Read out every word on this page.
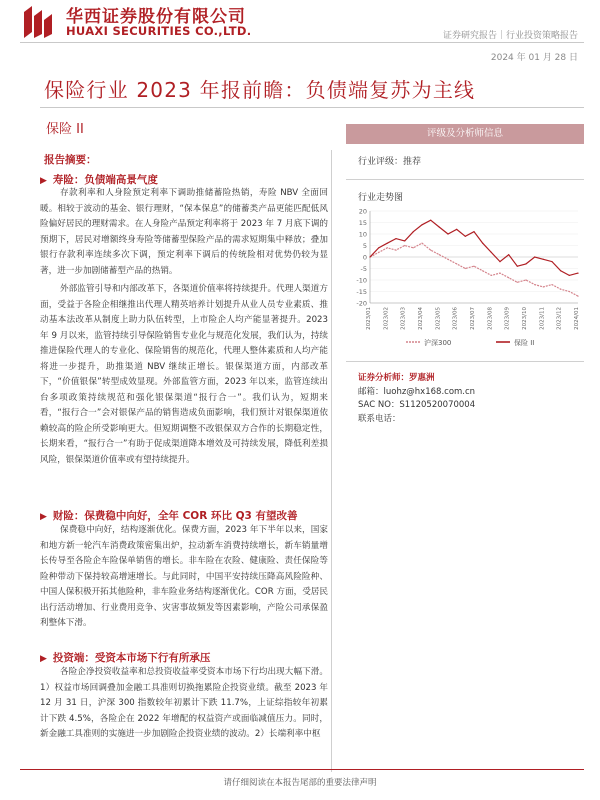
华西证券股份有限公司
HUAXI SECURITIES CO.,LTD.	证券研究报告｜行业投资策略报告
2024 年 01 月 28 日
保险行业 2023 年报前瞻：负债端复苏为主线
保险 II
报告摘要：
▶ 寿险：负债端高景气度
存款利率和人身险预定利率下调助推储蓄险热销，寿险 NBV 全面回暖。相较于波动的基金、银行理财，“保本保息”的储蓄类产品更能匹配低风险偏好居民的理财需求。在人身险产品预定利率将于 2023 年 7 月底下调的预期下，居民对增额终身寿险等储蓄型保险产品的需求短期集中释放；叠加银行存款利率连续多次下调，预定利率下调后的传统险相对优势仍较为显著，进一步加剧储蓄型产品的热销。
外部监管引导和内部改革下，各渠道价值率将持续提升。代理人渠道方面，受益于各险企相继推出代理人精英培养计划提升从业人员专业素质、推动基本法改革从制度上助力队伍转型，上市险企人均产能显著提升。2023 年 9 月以来，监管持续引导保险销售专业化与规范化发展，我们认为，持续推进保险代理人的专业化、保险销售的规范化，代理人整体素质和人均产能将进一步提升，助推渠道 NBV 继续正增长。银保渠道方面，内部改革下，“价值银保”转型成效显现。外部监管方面，2023 年以来，监管连续出台多项政策持续规范和强化银保渠道“报行合一”。我们认为，短期来看，“报行合一”会对银保产品的销售造成负面影响，我们预计对银保渠道依赖较高的险企所受影响更大。但短期调整不改银保双方合作的长期稳定性，长期来看，“报行合一”有助于促成渠道降本增效及可持续发展，降低利差损风险，银保渠道价值率或有望持续提升。
▶ 财险：保费稳中向好，全年 COR 环比 Q3 有望改善
保费稳中向好，结构逐渐优化。保费方面，2023 年下半年以来，国家和地方新一轮汽车消费政策密集出炉，拉动新车消费持续增长，新车销量增长传导至各险企车险保单销售的增长。非车险在农险、健康险、责任保险等险种带动下保持较高增速增长。与此同时，中国平安持续压降高风险险种、中国人保积极开拓其他险种，非车险业务结构逐渐优化。COR 方面，受居民出行活动增加、行业费用竞争、灾害事故频发等因素影响，产险公司承保盈利整体下滑。
▶ 投资端：受资本市场下行有所承压
各险企净投资收益率和总投资收益率受资本市场下行均出现大幅下滑。1）权益市场回调叠加金融工具准则切换拖累险企投资业绩。截至 2023 年 12 月 31 日，沪深 300 指数较年初累计下跌 11.7%，上证综指较年初累计下跌 4.5%，各险企在 2022 年增配的权益资产或面临减值压力。同时，新金融工具准则的实施进一步加剧险企投资业绩的波动。2）长端利率中枢
评级及分析师信息
行业评级：推荐
行业走势图
20
15
10
5
0
-5
-10
-15
-20
2023/01 2023/02 2023/03 2023/04 2023/05 2023/06 2023/07 2023/08 2023/09 2023/10 2023/11 2023/12 2024/01
沪深300	保险 II
证券分析师：罗惠洲
邮箱：luohz@hx168.com.cn
SAC NO：S1120520070004
联系电话：
请仔细阅读在本报告尾部的重要法律声明
